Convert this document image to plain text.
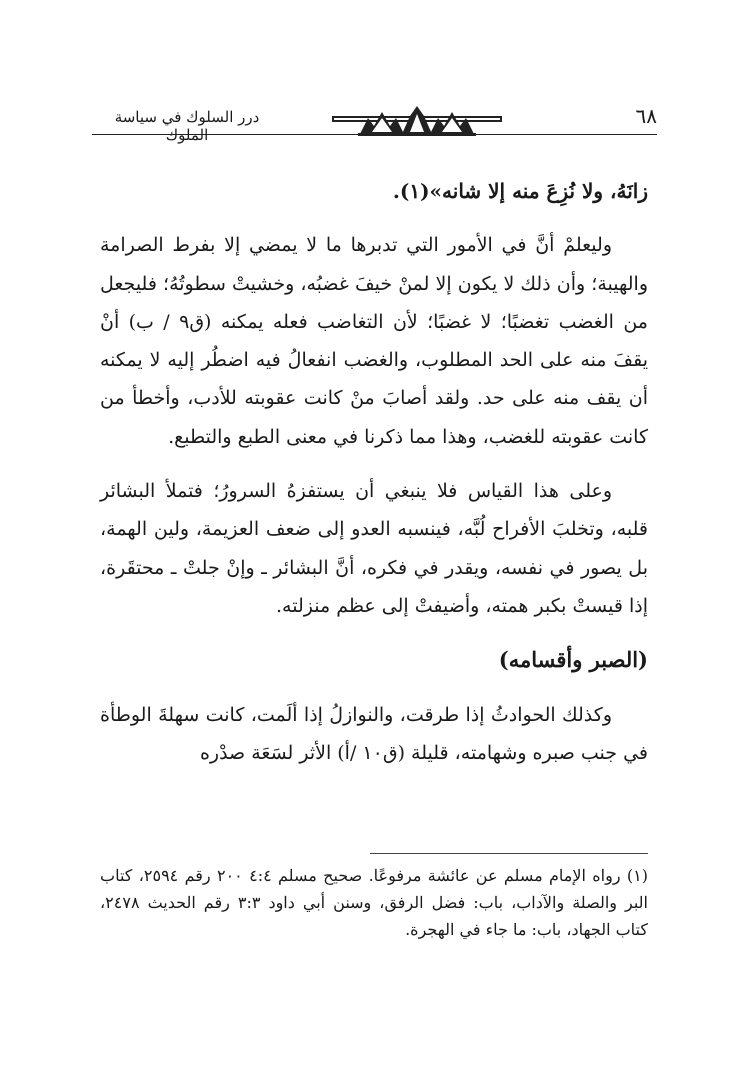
درر السلوك في سياسة الملوك
٦٨

زانَهُ، ولا نُزِعَ منه إلا شانه»(١).

وليعلمْ أنَّ في الأمور التي تدبرها ما لا يمضي إلا بفرط الصرامة والهيبة؛ وأن ذلك لا يكون إلا لمنْ خيفَ غضبُه، وخشيتْ سطوتُهُ؛ فليجعل من الغضب تغضبًا؛ لا غضبًا؛ لأن التغاضب فعله يمكنه (ق٩ / ب) أنْ يقفَ منه على الحد المطلوب، والغضب انفعالُ فيه اضطُر إليه لا يمكنه أن يقف منه على حد. ولقد أصابَ منْ كانت عقوبته للأدب، وأخطأ من كانت عقوبته للغضب، وهذا مما ذكرنا في معنى الطبع والتطبع.

وعلى هذا القياس فلا ينبغي أن يستفزهُ السرورُ؛ فتملأ البشائر قلبه، وتخلبَ الأفراح لُبَّه، فينسبه العدو إلى ضعف العزيمة، ولين الهمة، بل يصور في نفسه، ويقدر في فكره، أنَّ البشائر ـ وإنْ جلتْ ـ محتقَرة، إذا قيستْ بكبر همته، وأضيفتْ إلى عظم منزلته.

(الصبر وأقسامه)

وكذلك الحوادثُ إذا طرقت، والنوازلُ إذا ألَمت، كانت سهلةَ الوطأة في جنب صبره وشهامته، قليلة (ق١٠ /أ) الأثر لسَعَة صدْره

(١) رواه الإمام مسلم عن عائشة مرفوعًا. صحيح مسلم ٤:٤ ٢٠٠ رقم ٢٥٩٤، كتاب البر والصلة والآداب، باب: فضل الرفق، وسنن أبي داود ٣:٣ رقم الحديث ٢٤٧٨، كتاب الجهاد، باب: ما جاء في الهجرة.
